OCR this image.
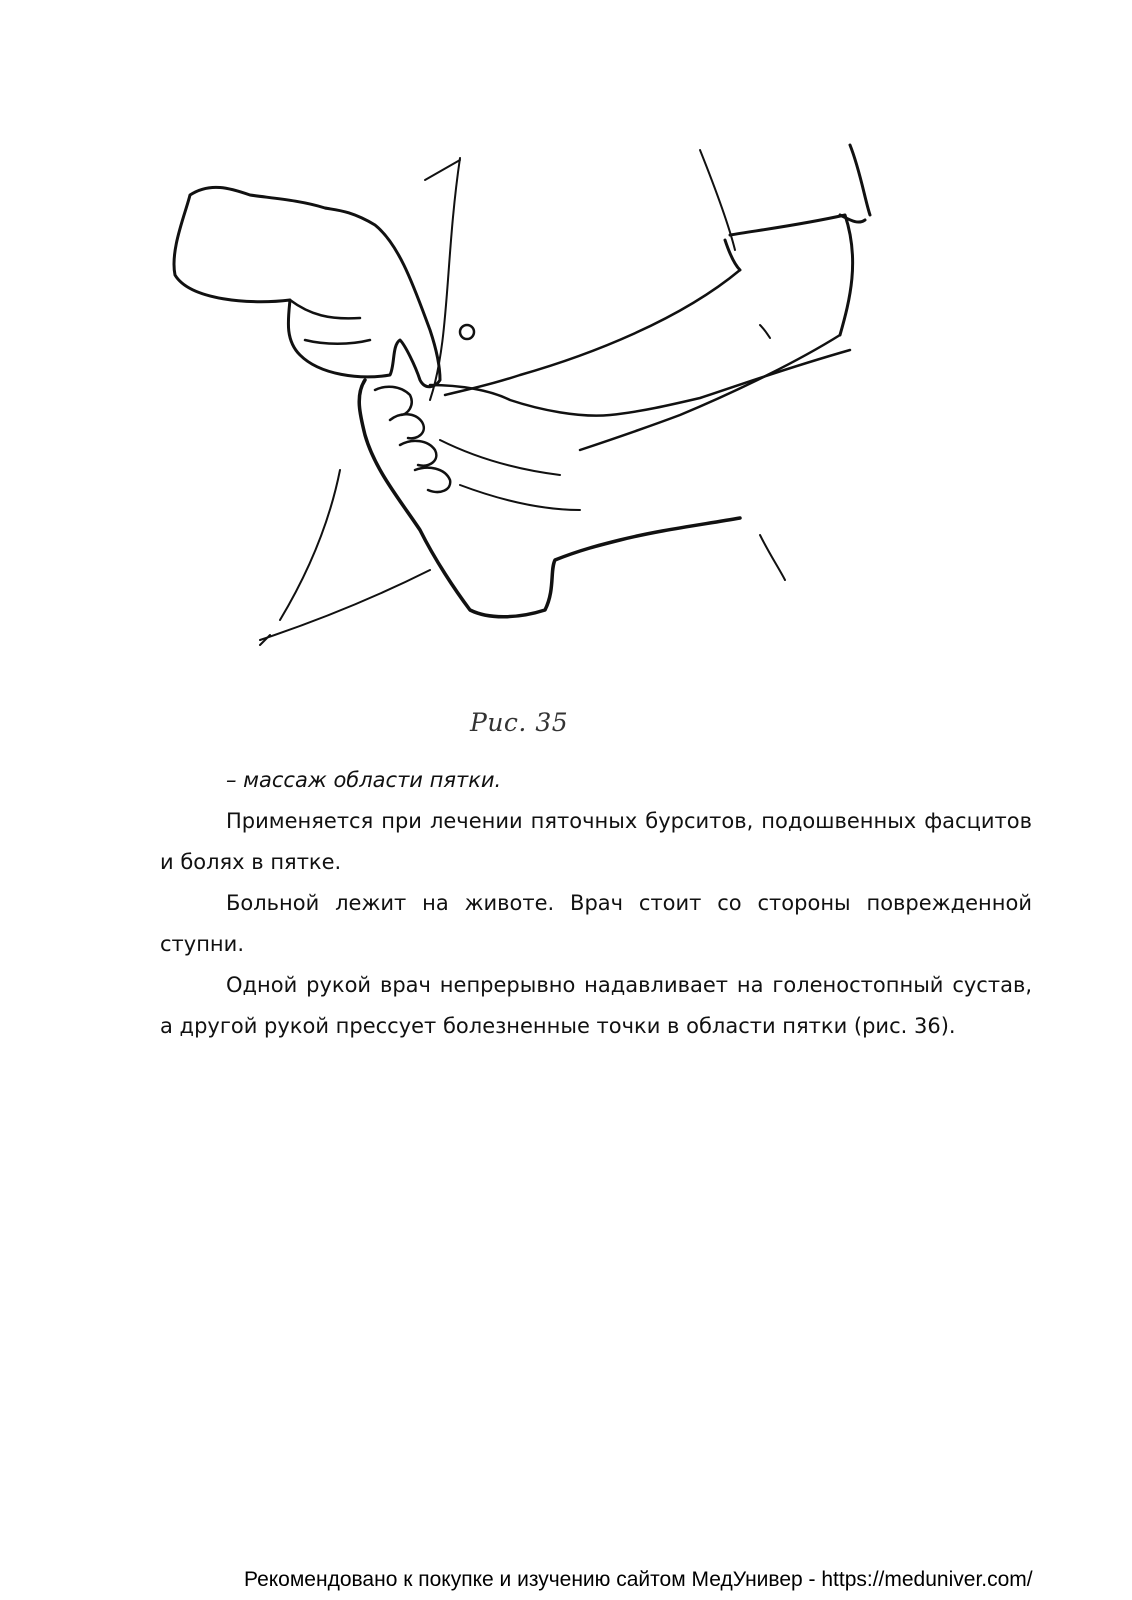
Рис. 35

– массаж области пятки.

Применяется при лечении пяточных бурситов, подошвенных фасцитов и болях в пятке.

Больной лежит на животе. Врач стоит со стороны поврежденной ступни.

Одной рукой врач непрерывно надавливает на голеностопный сустав, а другой рукой прессует болезненные точки в области пятки (рис. 36).

Рекомендовано к покупке и изучению сайтом МедУнивер - https://meduniver.com/
